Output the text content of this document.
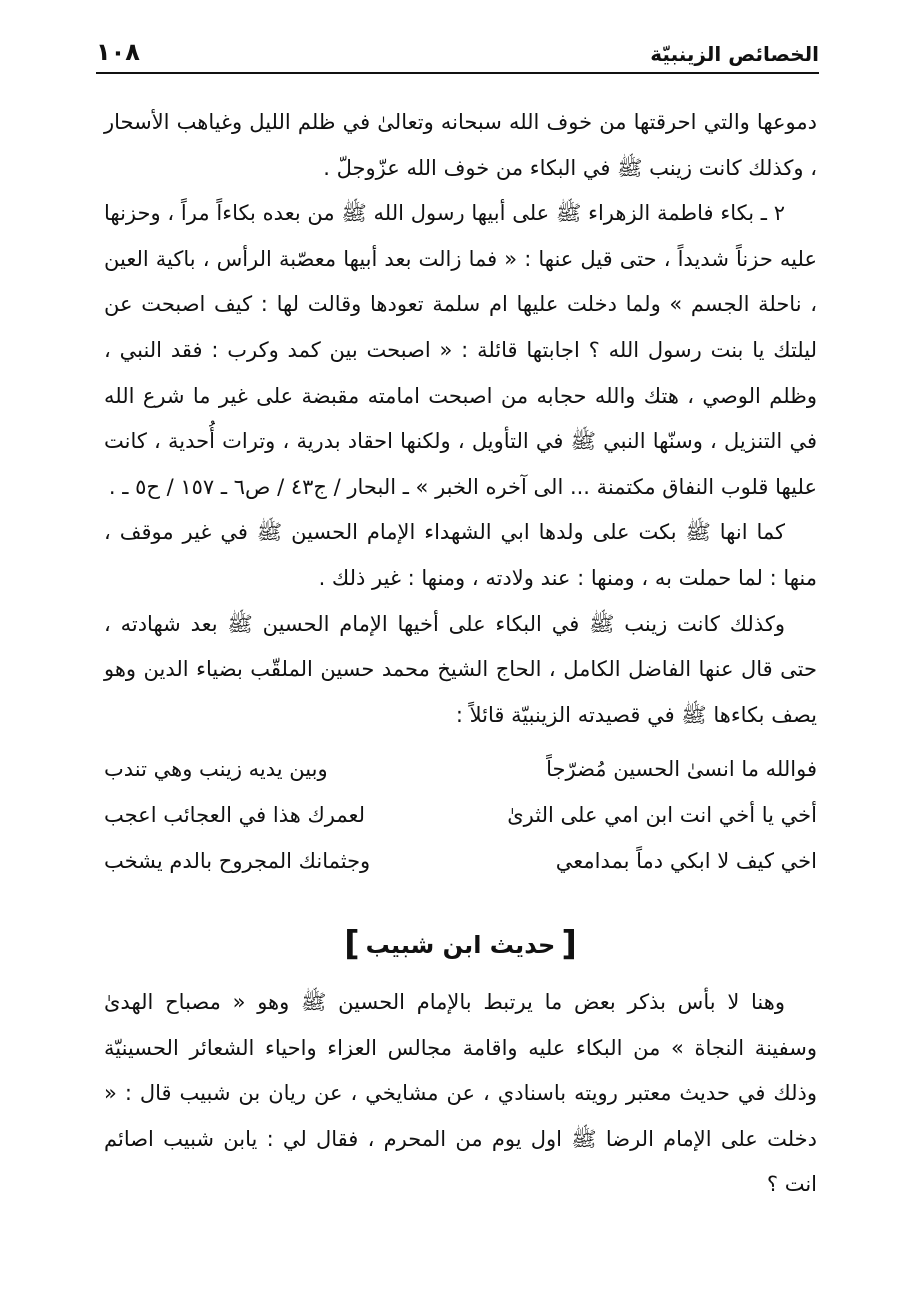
الخصائص الزينبيّة
١٠٨

دموعها والتي احرقتها من خوف الله سبحانه وتعالىٰ في ظلم الليل وغياهب الأسحار ، وكذلك كانت زينب ﷺ في البكاء من خوف الله عزّوجلّ .

٢ ـ بكاء فاطمة الزهراء ﷺ على أبيها رسول الله ﷺ من بعده بكاءاً مراً ، وحزنها عليه حزناً شديداً ، حتى قيل عنها : « فما زالت بعد أبيها معصّبة الرأس ، باكية العين ، ناحلة الجسم » ولما دخلت عليها ام سلمة تعودها وقالت لها : كيف اصبحت عن ليلتك يا بنت رسول الله ؟ اجابتها قائلة : « اصبحت بين كمد وكرب : فقد النبي ، وظلم الوصي ، هتك والله حجابه من اصبحت امامته مقبضة على غير ما شرع الله في التنزيل ، وسنّها النبي ﷺ في التأويل ، ولكنها احقاد بدرية ، وترات أُحدية ، كانت عليها قلوب النفاق مكتمنة ... الى آخره الخبر » ـ البحار / ج٤٣ / ص٦ ـ ١٥٧ / ح٥ ـ .

كما انها ﷺ بكت على ولدها ابي الشهداء الإمام الحسين ﷺ في غير موقف ، منها : لما حملت به ، ومنها : عند ولادته ، ومنها : غير ذلك .

وكذلك كانت زينب ﷺ في البكاء على أخيها الإمام الحسين ﷺ بعد شهادته ، حتى قال عنها الفاضل الكامل ، الحاج الشيخ محمد حسين الملقّب بضياء الدين وهو يصف بكاءها ﷺ في قصيدته الزينبيّة قائلاً :

فوالله ما انسىٰ الحسين مُضرّجاً
وبين يديه زينب وهي تندب
أخي يا أخي انت ابن امي على الثرىٰ
لعمرك هذا في العجائب اعجب
اخي كيف لا ابكي دماً بمدامعي
وجثمانك المجروح بالدم يشخب
[حديث ابن شبيب]

وهنا لا بأس بذكر بعض ما يرتبط بالإمام الحسين ﷺ وهو « مصباح الهدىٰ وسفينة النجاة » من البكاء عليه واقامة مجالس العزاء واحياء الشعائر الحسينيّة وذلك في حديث معتبر رويته باسنادي ، عن مشايخي ، عن ريان بن شبيب قال : « دخلت على الإمام الرضا ﷺ اول يوم من المحرم ، فقال لي : يابن شبيب اصائم انت ؟
